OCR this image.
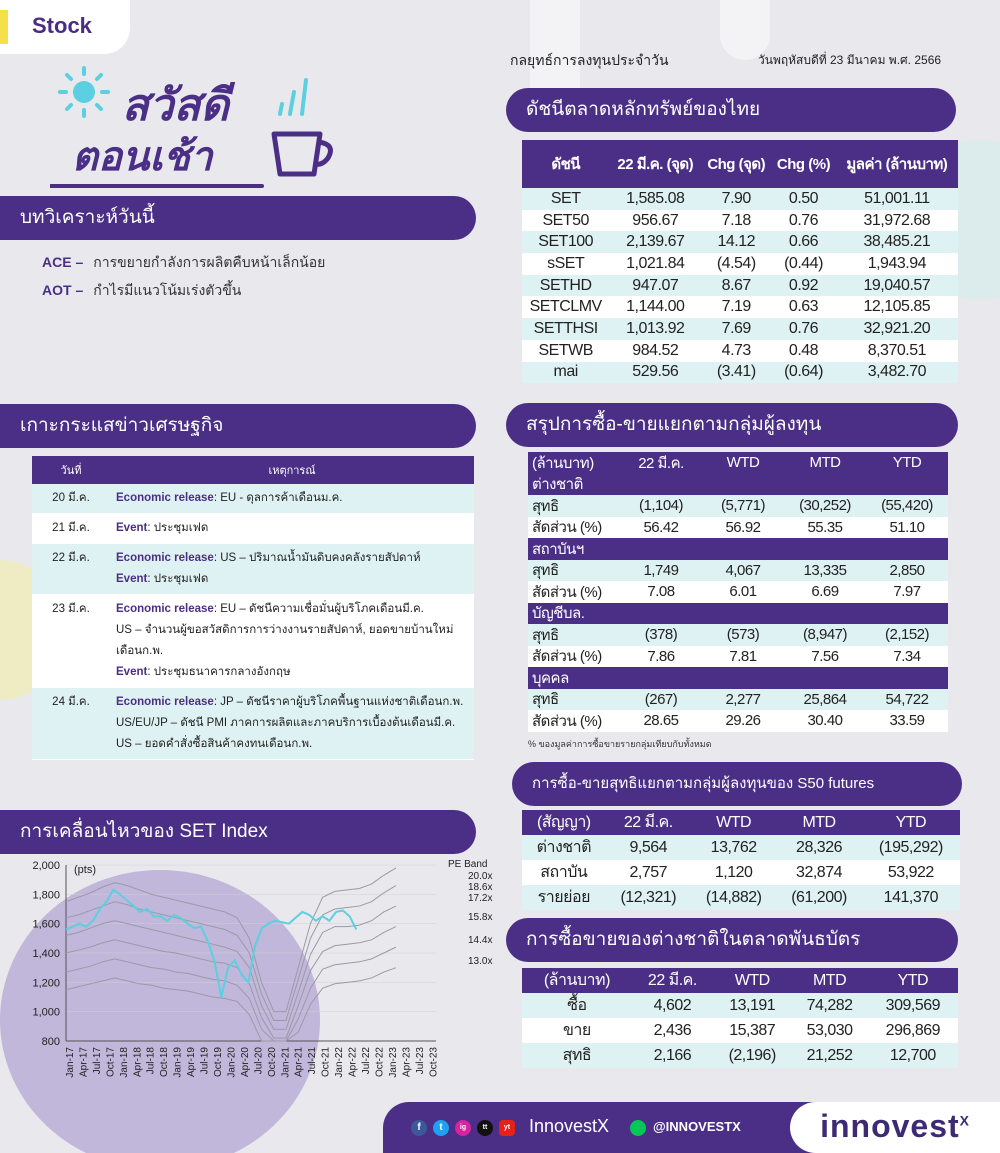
Stock
กลยุทธ์การลงทุนประจำวัน	วันพฤหัสบดีที่ 23 มีนาคม พ.ศ. 2566
สวัสดี
ตอนเช้า
บทวิเคราะห์วันนี้
ACE – การขยายกำลังการผลิตคืบหน้าเล็กน้อย
AOT – กำไรมีแนวโน้มเร่งตัวขึ้น
ดัชนีตลาดหลักทรัพย์ของไทย
ดัชนี	22 มี.ค. (จุด)	Chg (จุด)	Chg (%)	มูลค่า (ล้านบาท)
SET	1,585.08	7.90	0.50	51,001.11
SET50	956.67	7.18	0.76	31,972.68
SET100	2,139.67	14.12	0.66	38,485.21
sSET	1,021.84	(4.54)	(0.44)	1,943.94
SETHD	947.07	8.67	0.92	19,040.57
SETCLMV	1,144.00	7.19	0.63	12,105.85
SETTHSI	1,013.92	7.69	0.76	32,921.20
SETWB	984.52	4.73	0.48	8,370.51
mai	529.56	(3.41)	(0.64)	3,482.70
เกาะกระแสข่าวเศรษฐกิจ
วันที่	เหตุการณ์
20 มี.ค.	Economic release: EU - ดุลการค้าเดือนม.ค.

21 มี.ค.	Event: ประชุมเฟด

22 มี.ค.	Economic release: US – ปริมาณน้ำมันดิบคงคลังรายสัปดาห์
Event: ประชุมเฟด

23 มี.ค.	Economic release: EU – ดัชนีความเชื่อมั่นผู้บริโภคเดือนมี.ค.
US – จำนวนผู้ขอสวัสดิการการว่างงานรายสัปดาห์, ยอดขายบ้านใหม่เดือนก.พ.
Event: ประชุมธนาคารกลางอังกฤษ

24 มี.ค.	Economic release: JP – ดัชนีราคาผู้บริโภคพื้นฐานแห่งชาติเดือนก.พ.
US/EU/JP – ดัชนี PMI ภาคการผลิตและภาคบริการเบื้องต้นเดือนมี.ค.
US – ยอดคำสั่งซื้อสินค้าคงทนเดือนก.พ.
สรุปการซื้อ-ขายแยกตามกลุ่มผู้ลงทุน
(ล้านบาท)	22 มี.ค.	WTD	MTD	YTD
ต่างชาติ
สุทธิ	(1,104)	(5,771)	(30,252)	(55,420)
สัดส่วน (%)	56.42	56.92	55.35	51.10
สถาบันฯ
สุทธิ	1,749	4,067	13,335	2,850
สัดส่วน (%)	7.08	6.01	6.69	7.97
บัญชีบล.
สุทธิ	(378)	(573)	(8,947)	(2,152)
สัดส่วน (%)	7.86	7.81	7.56	7.34
บุคคล
สุทธิ	(267)	2,277	25,864	54,722
สัดส่วน (%)	28.65	29.26	30.40	33.59
% ของมูลค่าการซื้อขายรายกลุ่มเทียบกับทั้งหมด
การซื้อ-ขายสุทธิแยกตามกลุ่มผู้ลงทุนของ S50 futures
(สัญญา)	22 มี.ค.	WTD	MTD	YTD
ต่างชาติ	9,564	13,762	28,326	(195,292)
สถาบัน	2,757	1,120	32,874	53,922
รายย่อย	(12,321)	(14,882)	(61,200)	141,370
การซื้อขายของต่างชาติในตลาดพันธบัตร
(ล้านบาท)	22 มี.ค.	WTD	MTD	YTD
ซื้อ	4,602	13,191	74,282	309,569
ขาย	2,436	15,387	53,030	296,869
สุทธิ	2,166	(2,196)	21,252	12,700
การเคลื่อนไหวของ SET Index
2,000
1,800
1,600
1,400
1,200
1,000
800
(pts)
Jan-17 Apr-17 Jul-17 Oct-17 Jan-18 Apr-18 Jul-18 Oct-18 Jan-19 Apr-19 Jul-19 Oct-19 Jan-20 Apr-20 Jul-20 Oct-20 Jan-21 Apr-21 Jul-21 Oct-21 Jan-22 Apr-22 Jul-22 Oct-22 Jan-23 Apr-23 Jul-23 Oct-23
PE Band
20.0x
18.6x
17.2x
15.8x
14.4x
13.0x
f	t	ig	tt	yt InnovestX	@INNOVESTX innovest$^X$
